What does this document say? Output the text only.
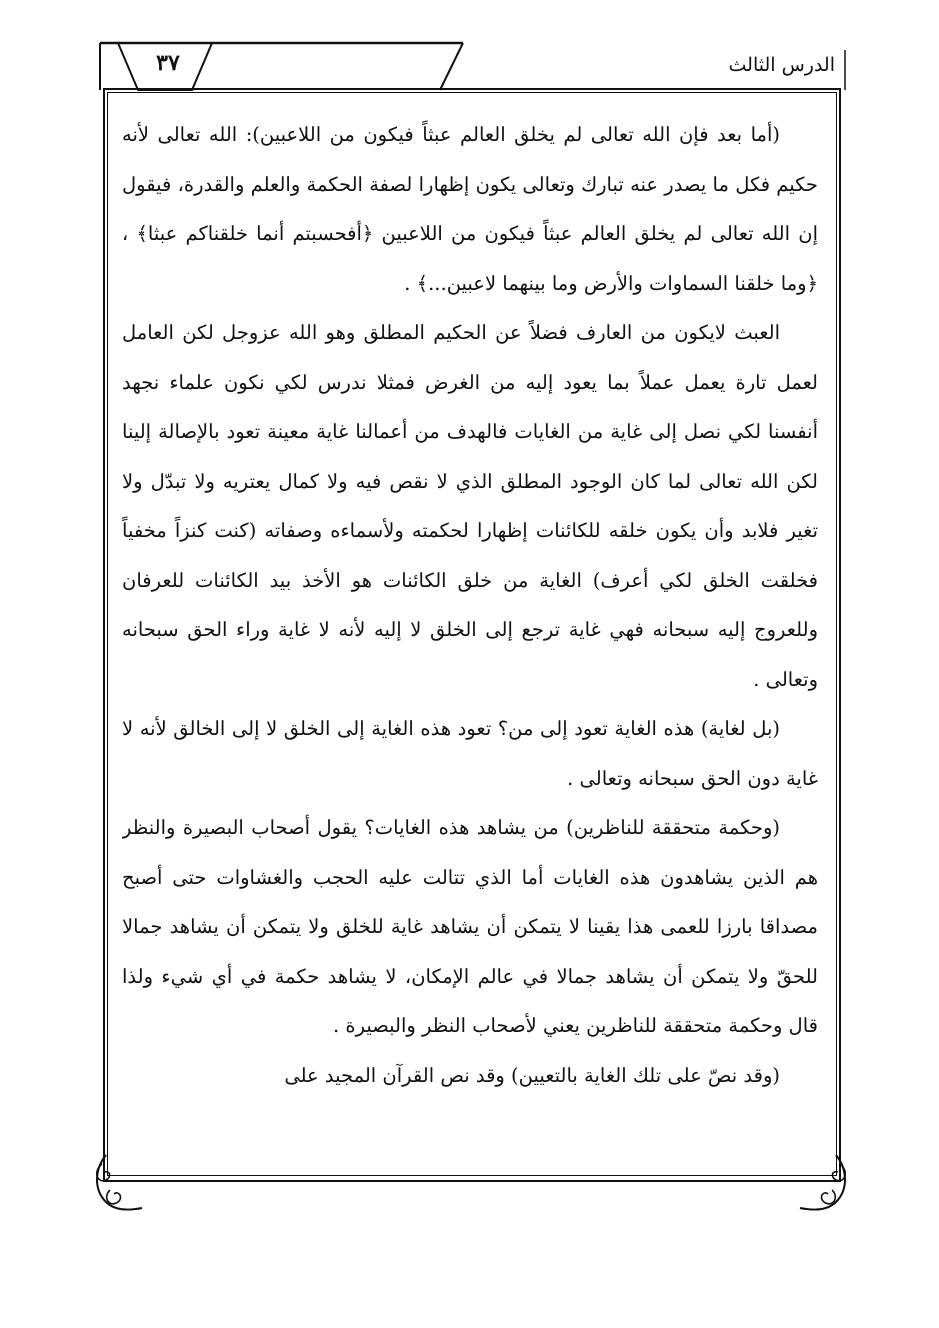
الدرس الثالث
٣٧

(أما بعد فإن الله تعالى لم يخلق العالم عبثاً فيكون من اللاعبين): الله تعالى لأنه حكيم فكل ما يصدر عنه تبارك وتعالى يكون إظهارا لصفة الحكمة والعلم والقدرة، فيقول إن الله تعالى لم يخلق العالم عبثاً فيكون من اللاعبين ﴿أفحسبتم أنما خلقناكم عبثا﴾ ، ﴿وما خلقنا السماوات والأرض وما بينهما لاعبين...﴾ .

العبث لايكون من العارف فضلاً عن الحكيم المطلق وهو الله عزوجل لكن العامل لعمل تارة يعمل عملاً بما يعود إليه من الغرض فمثلا ندرس لكي نكون علماء نجهد أنفسنا لكي نصل إلى غاية من الغايات فالهدف من أعمالنا غاية معينة تعود بالإصالة إلينا لكن الله تعالى لما كان الوجود المطلق الذي لا نقص فيه ولا كمال يعتريه ولا تبدّل ولا تغير فلابد وأن يكون خلقه للكائنات إظهارا لحكمته ولأسماءه وصفاته (كنت كنزاً مخفياً فخلقت الخلق لكي أعرف) الغاية من خلق الكائنات هو الأخذ بيد الكائنات للعرفان وللعروج إليه سبحانه فهي غاية ترجع إلى الخلق لا إليه لأنه لا غاية وراء الحق سبحانه وتعالى .

(بل لغاية) هذه الغاية تعود إلى من؟ تعود هذه الغاية إلى الخلق لا إلى الخالق لأنه لا غاية دون الحق سبحانه وتعالى .

(وحكمة متحققة للناظرين) من يشاهد هذه الغايات؟ يقول أصحاب البصيرة والنظر هم الذين يشاهدون هذه الغايات أما الذي تتالت عليه الحجب والغشاوات حتى أصبح مصداقا بارزا للعمى هذا يقينا لا يتمكن أن يشاهد غاية للخلق ولا يتمكن أن يشاهد جمالا للحقّ ولا يتمكن أن يشاهد جمالا في عالم الإمكان، لا يشاهد حكمة في أي شيء ولذا قال وحكمة متحققة للناظرين يعني لأصحاب النظر والبصيرة .

(وقد نصّ على تلك الغاية بالتعيين) وقد نص القرآن المجيد على
